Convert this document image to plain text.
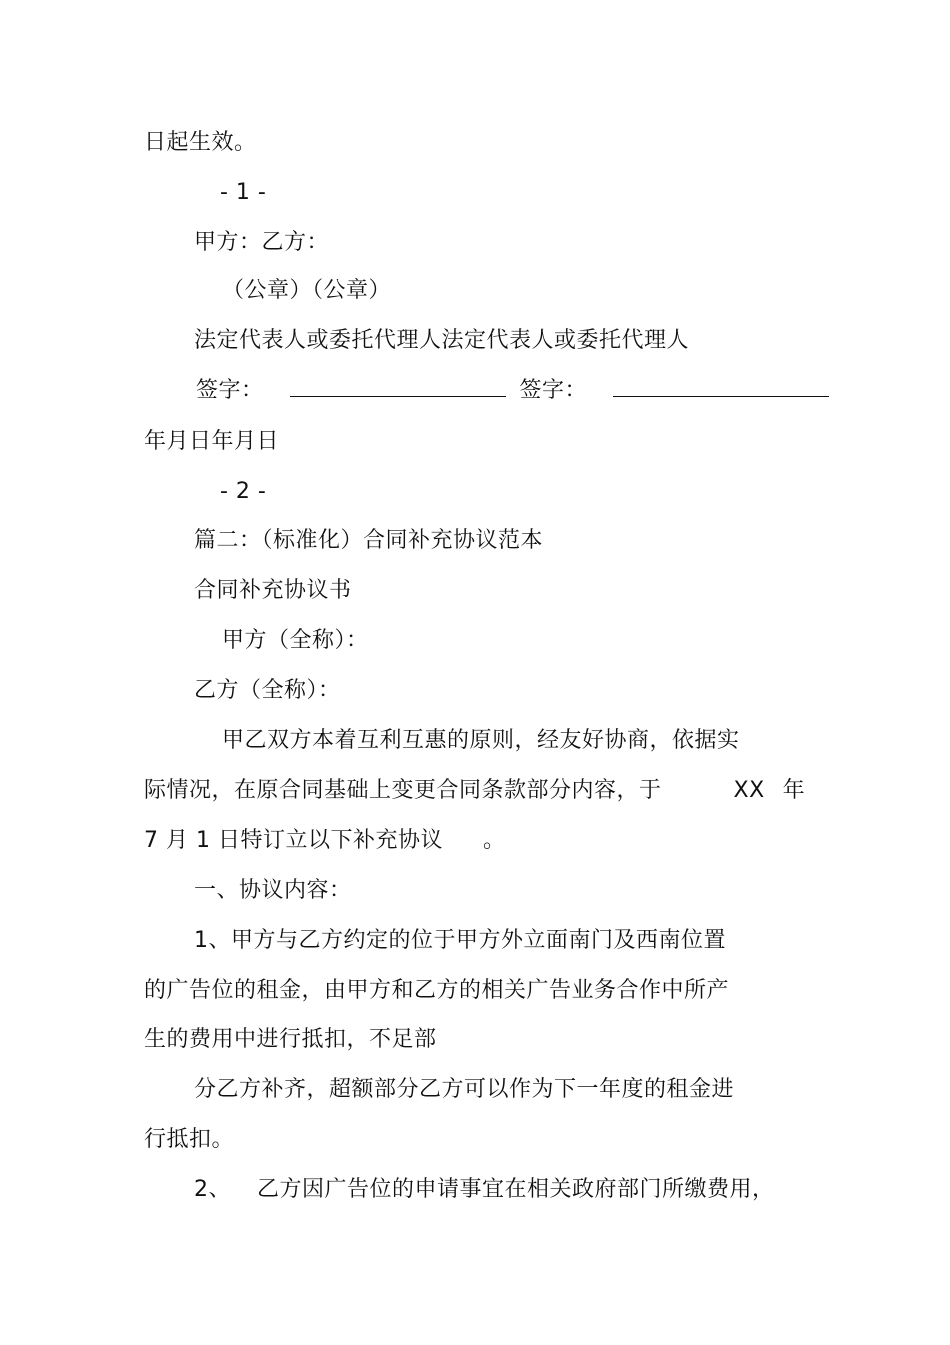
日起生效。
- 1 -
甲方：乙方：
（公章）（公章）
法定代表人或委托代理人法定代表人或委托代理人
签字：	签字：
年月日年月日
- 2 -
篇二：（标准化）合同补充协议范本
合同补充协议书
甲方（全称）：
乙方（全称）：
甲乙双方本着互利互惠的原则，经友好协商，依据实
际情况，在原合同基础上变更合同条款部分内容，于	XX 年
7 月 1 日特订立以下补充协议 。
一、协议内容：
1、甲方与乙方约定的位于甲方外立面南门及西南位置
的广告位的租金，由甲方和乙方的相关广告业务合作中所产
生的费用中进行抵扣，不足部
分乙方补齐，超额部分乙方可以作为下一年度的租金进
行抵扣。
2、 乙方因广告位的申请事宜在相关政府部门所缴费用，
